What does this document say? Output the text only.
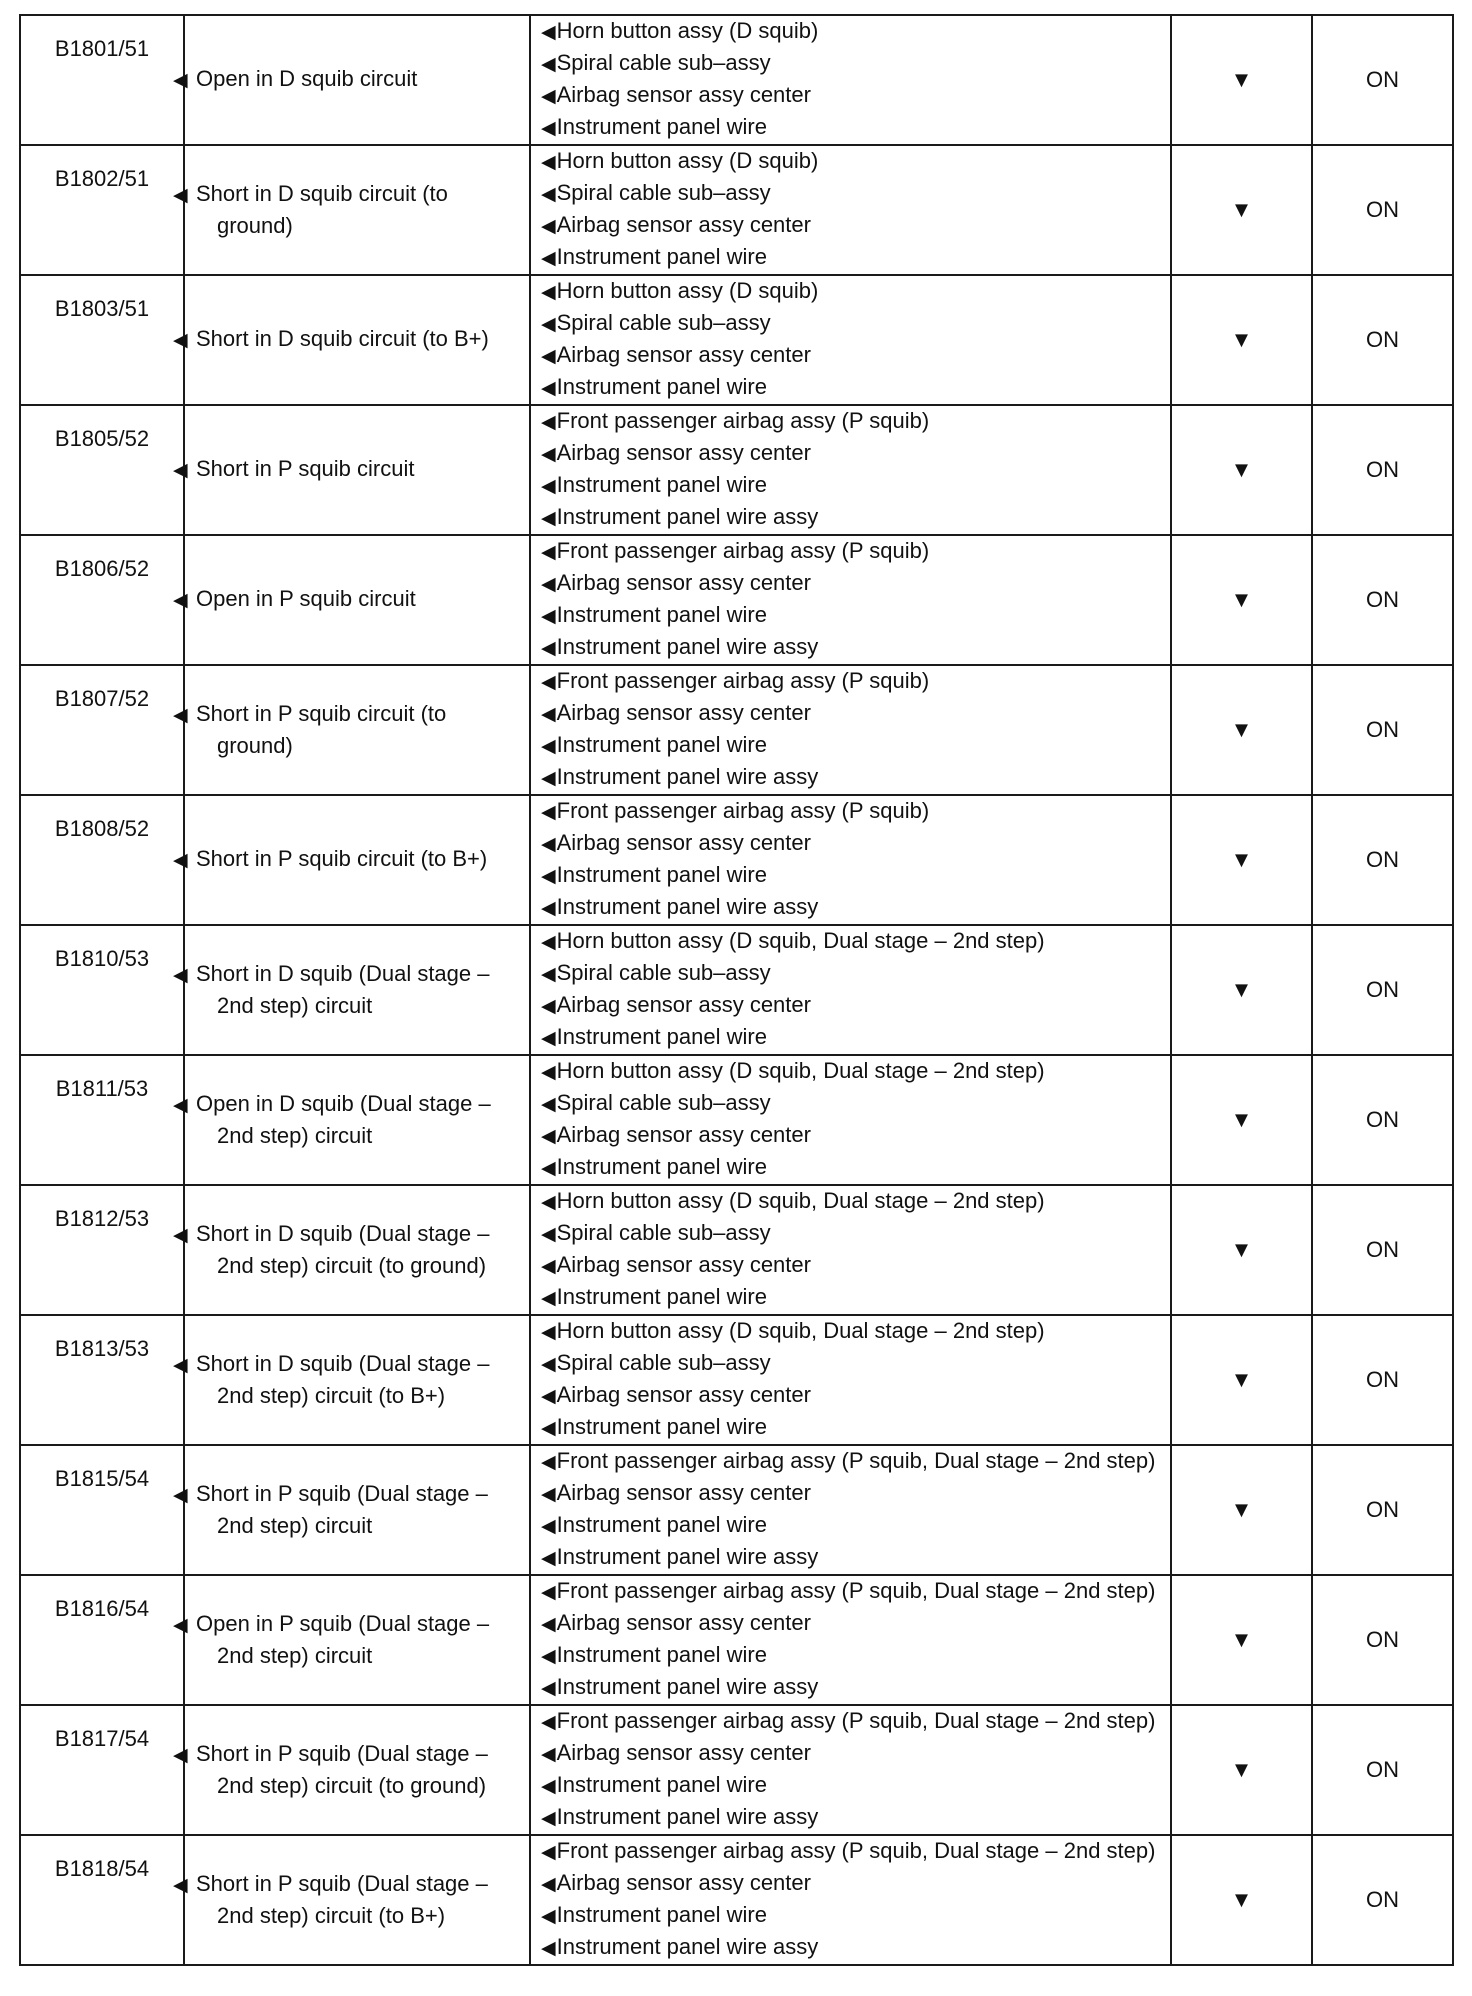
B1801/51	◀ Open in D squib circuit	◀Horn button assy (D squib)
◀Spiral cable sub–assy
◀Airbag sensor assy center
◀Instrument panel wire	▼	ON
B1802/51	◀ Short in D squib circuit (to ground)	◀Horn button assy (D squib)
◀Spiral cable sub–assy
◀Airbag sensor assy center
◀Instrument panel wire	▼	ON
B1803/51	◀ Short in D squib circuit (to B+)	◀Horn button assy (D squib)
◀Spiral cable sub–assy
◀Airbag sensor assy center
◀Instrument panel wire	▼	ON
B1805/52	◀ Short in P squib circuit	◀Front passenger airbag assy (P squib)
◀Airbag sensor assy center
◀Instrument panel wire
◀Instrument panel wire assy	▼	ON
B1806/52	◀ Open in P squib circuit	◀Front passenger airbag assy (P squib)
◀Airbag sensor assy center
◀Instrument panel wire
◀Instrument panel wire assy	▼	ON
B1807/52	◀ Short in P squib circuit (to ground)	◀Front passenger airbag assy (P squib)
◀Airbag sensor assy center
◀Instrument panel wire
◀Instrument panel wire assy	▼	ON
B1808/52	◀ Short in P squib circuit (to B+)	◀Front passenger airbag assy (P squib)
◀Airbag sensor assy center
◀Instrument panel wire
◀Instrument panel wire assy	▼	ON
B1810/53	◀ Short in D squib (Dual stage – 2nd step) circuit	◀Horn button assy (D squib, Dual stage – 2nd step)
◀Spiral cable sub–assy
◀Airbag sensor assy center
◀Instrument panel wire	▼	ON
B1811/53	◀ Open in D squib (Dual stage – 2nd step) circuit	◀Horn button assy (D squib, Dual stage – 2nd step)
◀Spiral cable sub–assy
◀Airbag sensor assy center
◀Instrument panel wire	▼	ON
B1812/53	◀ Short in D squib (Dual stage – 2nd step) circuit (to ground)	◀Horn button assy (D squib, Dual stage – 2nd step)
◀Spiral cable sub–assy
◀Airbag sensor assy center
◀Instrument panel wire	▼	ON
B1813/53	◀ Short in D squib (Dual stage – 2nd step) circuit (to B+)	◀Horn button assy (D squib, Dual stage – 2nd step)
◀Spiral cable sub–assy
◀Airbag sensor assy center
◀Instrument panel wire	▼	ON
B1815/54	◀ Short in P squib (Dual stage – 2nd step) circuit	◀Front passenger airbag assy (P squib, Dual stage – 2nd step)
◀Airbag sensor assy center
◀Instrument panel wire
◀Instrument panel wire assy	▼	ON
B1816/54	◀ Open in P squib (Dual stage – 2nd step) circuit	◀Front passenger airbag assy (P squib, Dual stage – 2nd step)
◀Airbag sensor assy center
◀Instrument panel wire
◀Instrument panel wire assy	▼	ON
B1817/54	◀ Short in P squib (Dual stage – 2nd step) circuit (to ground)	◀Front passenger airbag assy (P squib, Dual stage – 2nd step)
◀Airbag sensor assy center
◀Instrument panel wire
◀Instrument panel wire assy	▼	ON
B1818/54	◀ Short in P squib (Dual stage – 2nd step) circuit (to B+)	◀Front passenger airbag assy (P squib, Dual stage – 2nd step)
◀Airbag sensor assy center
◀Instrument panel wire
◀Instrument panel wire assy	▼	ON
